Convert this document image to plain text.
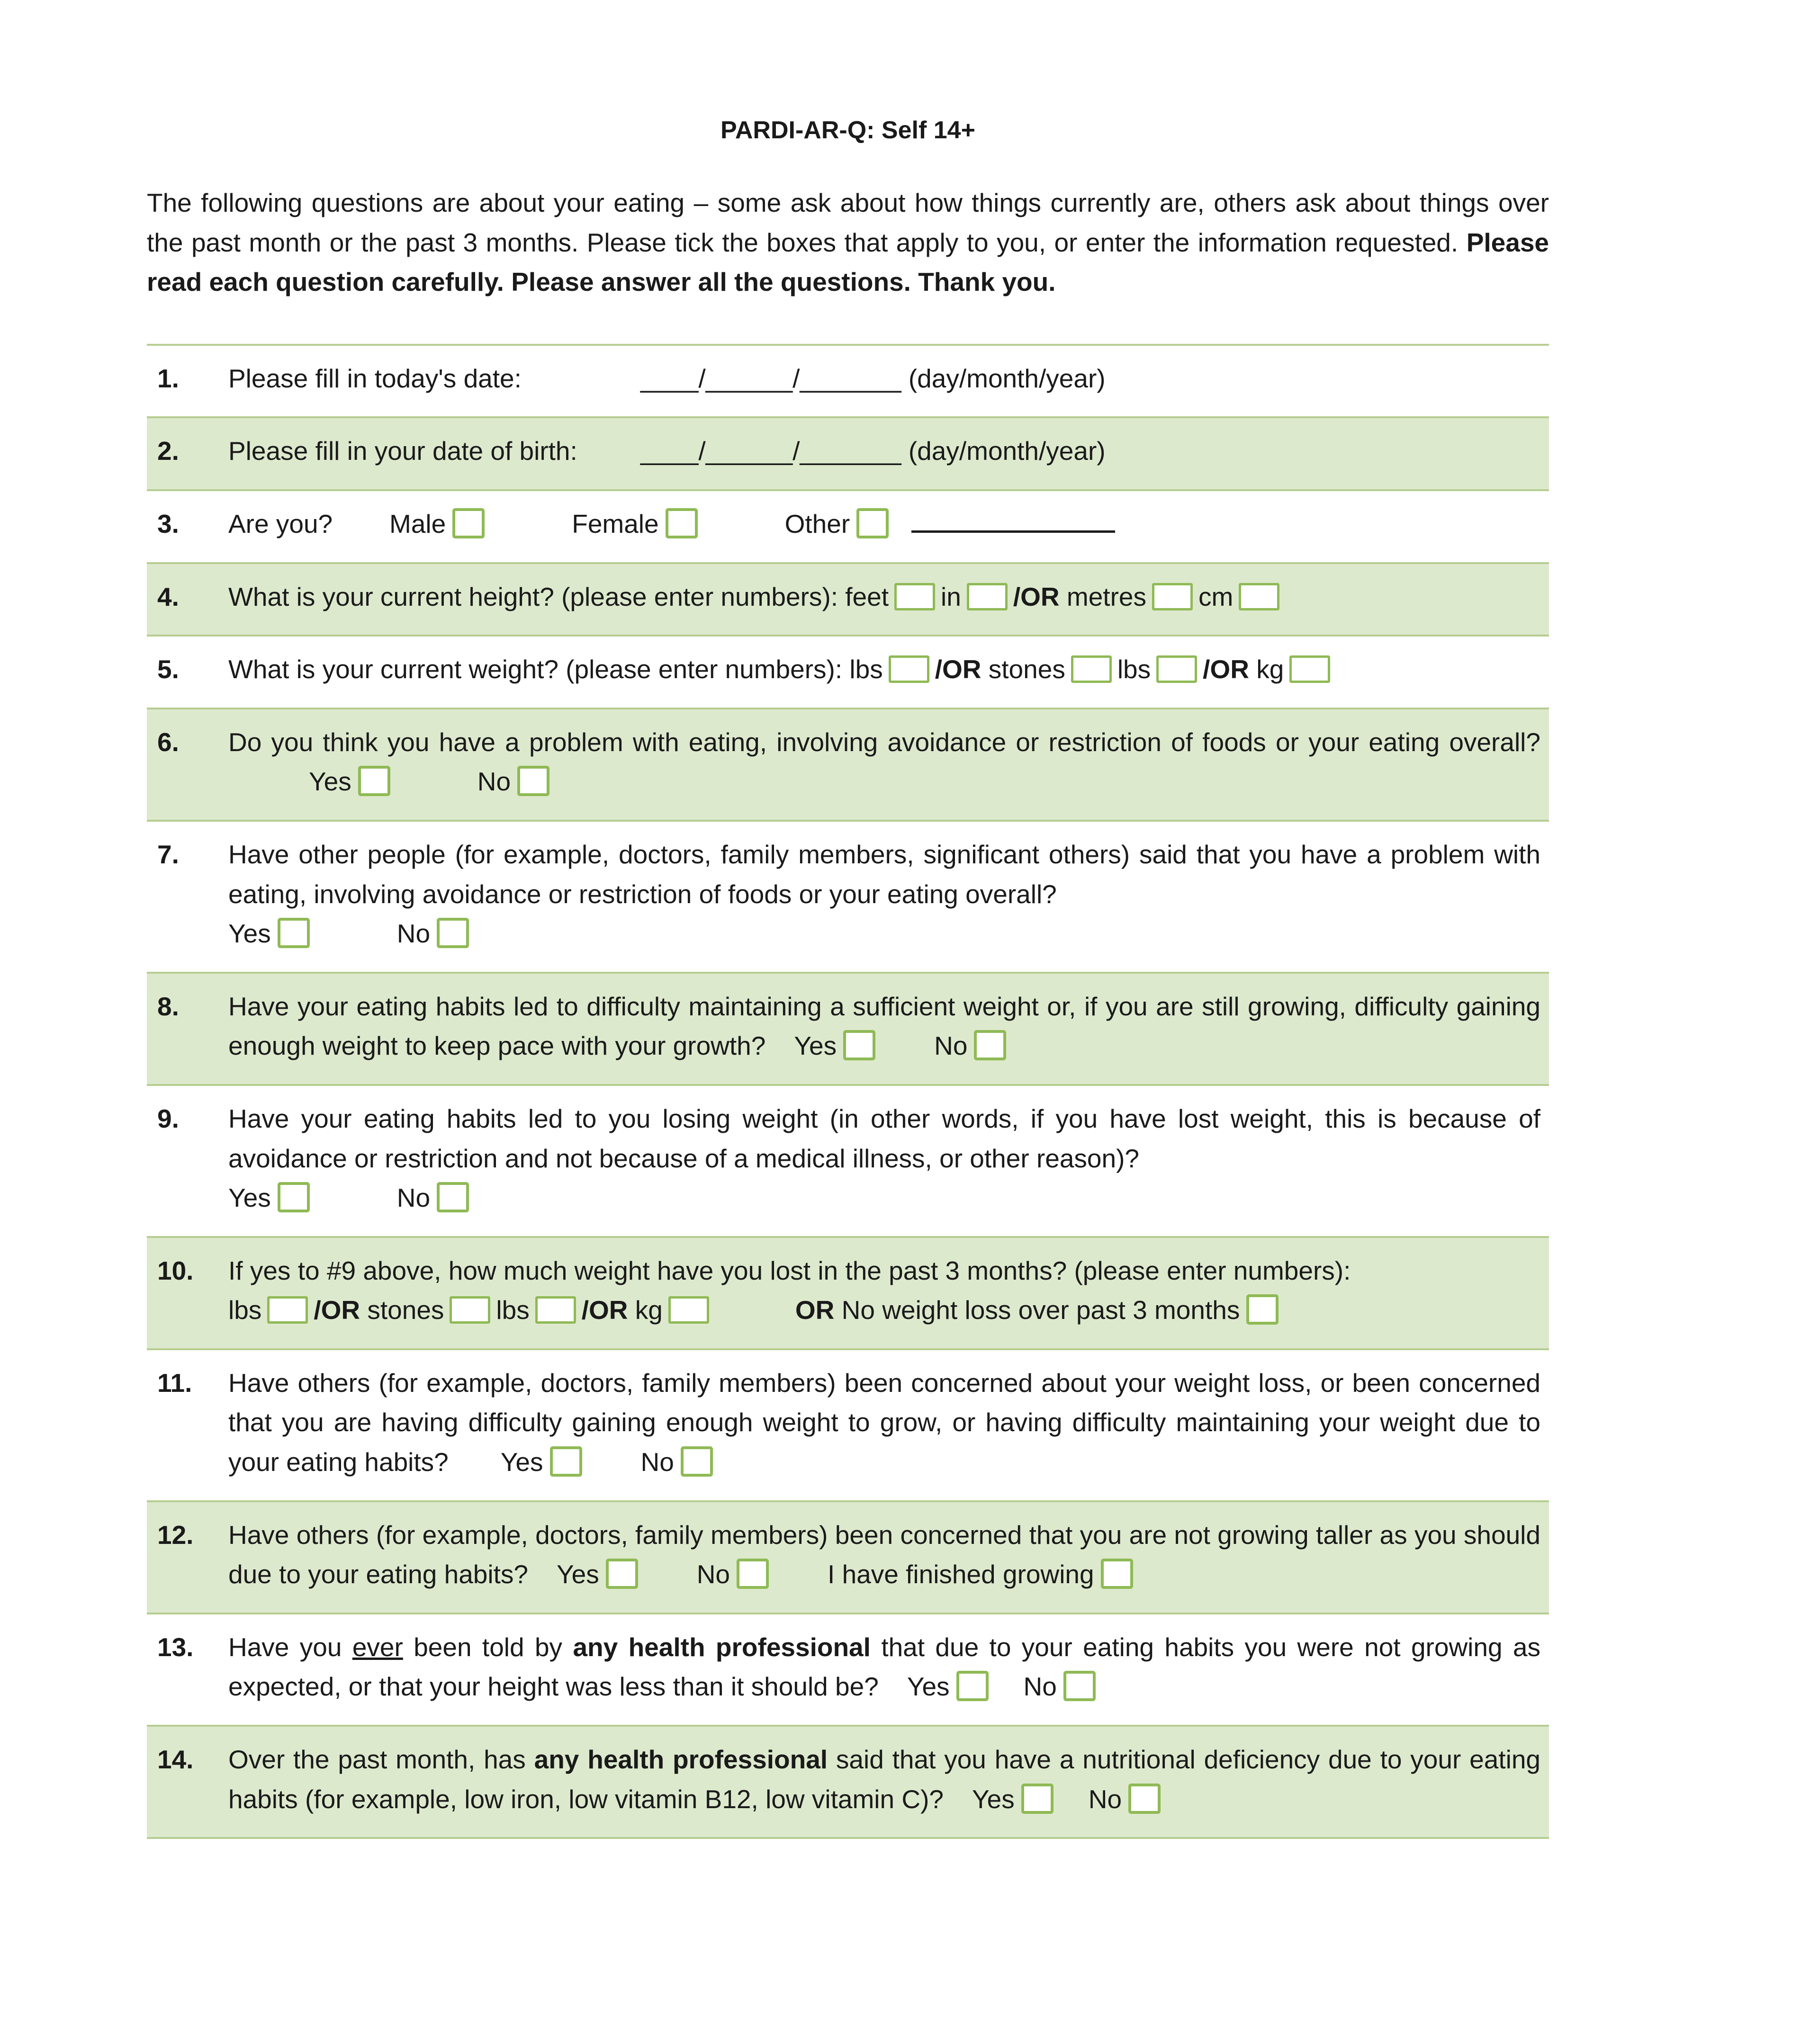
PARDI-AR-Q: Self 14+

The following questions are about your eating – some ask about how things currently are, others ask about things over the past month or the past 3 months. Please tick the boxes that apply to you, or enter the information requested. Please read each question carefully. Please answer all the questions. Thank you.

1.	Please fill in today's date:	____/______/_______ (day/month/year)
2.	Please fill in your date of birth: ____/______/_______ (day/month/year)
3.	Are you? Male	Female	Other
4.	What is your current height? (please enter numbers): feet in /OR metres cm
5.	What is your current weight? (please enter numbers): lbs /OR stones lbs /OR kg
6.	Do you think you have a problem with eating, involving avoidance or restriction of foods or your eating overall?Yes	No
7.	Have other people (for example, doctors, family members, significant others) said that you have a problem with eating, involving avoidance or restriction of foods or your eating overall?
Yes	No
8.	Have your eating habits led to difficulty maintaining a sufficient weight or, if you are still growing, difficulty gaining enough weight to keep pace with your growth? Yes	No
9.	Have your eating habits led to you losing weight (in other words, if you have lost weight, this is because of avoidance or restriction and not because of a medical illness, or other reason)?
Yes	No
10.	If yes to #9 above, how much weight have you lost in the past 3 months? (please enter numbers):
lbs /OR stones lbs /OR kg	OR No weight loss over past 3 months
11.	Have others (for example, doctors, family members) been concerned about your weight loss, or been concerned that you are having difficulty gaining enough weight to grow, or having difficulty maintaining your weight due to your eating habits? Yes	No
12.	Have others (for example, doctors, family members) been concerned that you are not growing taller as you should due to your eating habits? Yes	No	I have finished growing
13.	Have you ever been told by any health professional that due to your eating habits you were not growing as expected, or that your height was less than it should be? Yes	No
14.	Over the past month, has any health professional said that you have a nutritional deficiency due to your eating habits (for example, low iron, low vitamin B12, low vitamin C)? Yes	No
